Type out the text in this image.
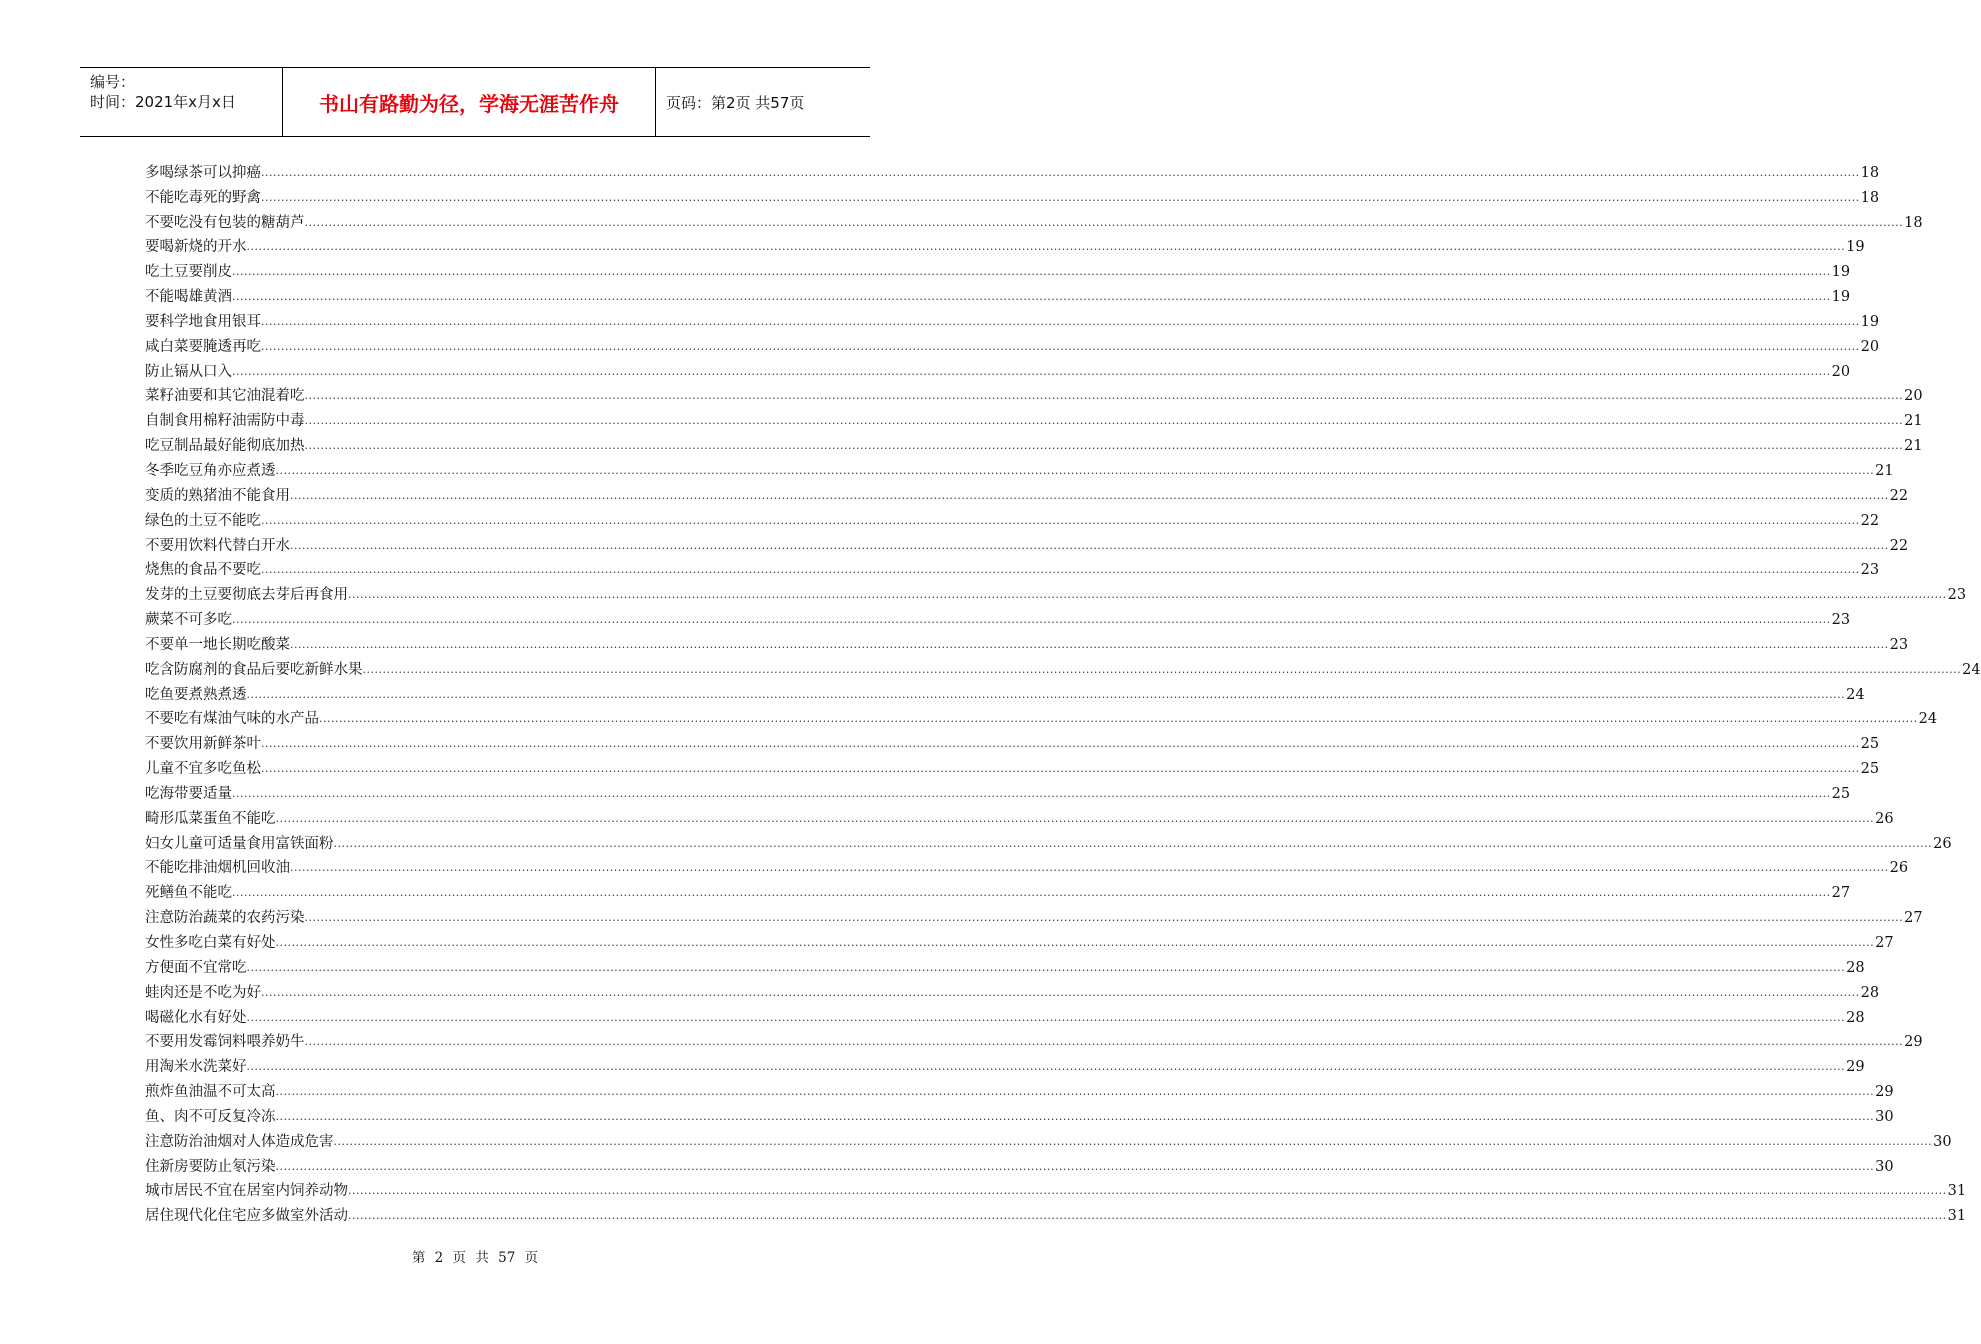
编号：
时间：2021年x月x日	书山有路勤为径，学海无涯苦作舟	页码：第2页 共57页
多喝绿茶可以抑癌 ................................................................................................................................................................................................................................................................................................................................................................................................................ 18
不能吃毒死的野禽 ................................................................................................................................................................................................................................................................................................................................................................................................................ 18
不要吃没有包装的糖葫芦 ................................................................................................................................................................................................................................................................................................................................................................................................................ 18
要喝新烧的开水 ................................................................................................................................................................................................................................................................................................................................................................................................................ 19
吃土豆要削皮 ................................................................................................................................................................................................................................................................................................................................................................................................................ 19
不能喝雄黄酒 ................................................................................................................................................................................................................................................................................................................................................................................................................ 19
要科学地食用银耳 ................................................................................................................................................................................................................................................................................................................................................................................................................ 19
咸白菜要腌透再吃 ................................................................................................................................................................................................................................................................................................................................................................................................................ 20
防止镉从口入 ................................................................................................................................................................................................................................................................................................................................................................................................................ 20
菜籽油要和其它油混着吃 ................................................................................................................................................................................................................................................................................................................................................................................................................ 20
自制食用棉籽油需防中毒 ................................................................................................................................................................................................................................................................................................................................................................................................................ 21
吃豆制品最好能彻底加热 ................................................................................................................................................................................................................................................................................................................................................................................................................ 21
冬季吃豆角亦应煮透 ................................................................................................................................................................................................................................................................................................................................................................................................................ 21
变质的熟猪油不能食用 ................................................................................................................................................................................................................................................................................................................................................................................................................ 22
绿色的土豆不能吃 ................................................................................................................................................................................................................................................................................................................................................................................................................ 22
不要用饮料代替白开水 ................................................................................................................................................................................................................................................................................................................................................................................................................ 22
烧焦的食品不要吃 ................................................................................................................................................................................................................................................................................................................................................................................................................ 23
发芽的土豆要彻底去芽后再食用 ................................................................................................................................................................................................................................................................................................................................................................................................................ 23
蕨菜不可多吃 ................................................................................................................................................................................................................................................................................................................................................................................................................ 23
不要单一地长期吃酸菜 ................................................................................................................................................................................................................................................................................................................................................................................................................ 23
吃含防腐剂的食品后要吃新鲜水果 ................................................................................................................................................................................................................................................................................................................................................................................................................ 24
吃鱼要煮熟煮透 ................................................................................................................................................................................................................................................................................................................................................................................................................ 24
不要吃有煤油气味的水产品 ................................................................................................................................................................................................................................................................................................................................................................................................................ 24
不要饮用新鲜茶叶 ................................................................................................................................................................................................................................................................................................................................................................................................................ 25
儿童不宜多吃鱼松 ................................................................................................................................................................................................................................................................................................................................................................................................................ 25
吃海带要适量 ................................................................................................................................................................................................................................................................................................................................................................................................................ 25
畸形瓜菜蛋鱼不能吃 ................................................................................................................................................................................................................................................................................................................................................................................................................ 26
妇女儿童可适量食用富铁面粉 ................................................................................................................................................................................................................................................................................................................................................................................................................ 26
不能吃排油烟机回收油 ................................................................................................................................................................................................................................................................................................................................................................................................................ 26
死鳝鱼不能吃 ................................................................................................................................................................................................................................................................................................................................................................................................................ 27
注意防治蔬菜的农药污染 ................................................................................................................................................................................................................................................................................................................................................................................................................ 27
女性多吃白菜有好处 ................................................................................................................................................................................................................................................................................................................................................................................................................ 27
方便面不宜常吃 ................................................................................................................................................................................................................................................................................................................................................................................................................ 28
蛙肉还是不吃为好 ................................................................................................................................................................................................................................................................................................................................................................................................................ 28
喝磁化水有好处 ................................................................................................................................................................................................................................................................................................................................................................................................................ 28
不要用发霉饲料喂养奶牛 ................................................................................................................................................................................................................................................................................................................................................................................................................ 29
用淘米水洗菜好 ................................................................................................................................................................................................................................................................................................................................................................................................................ 29
煎炸鱼油温不可太高 ................................................................................................................................................................................................................................................................................................................................................................................................................ 29
鱼、肉不可反复冷冻 ................................................................................................................................................................................................................................................................................................................................................................................................................ 30
注意防治油烟对人体造成危害 ................................................................................................................................................................................................................................................................................................................................................................................................................ 30
住新房要防止氡污染 ................................................................................................................................................................................................................................................................................................................................................................................................................ 30
城市居民不宜在居室内饲养动物 ................................................................................................................................................................................................................................................................................................................................................................................................................ 31
居住现代化住宅应多做室外活动 ................................................................................................................................................................................................................................................................................................................................................................................................................ 31
第 2 页 共 57 页
